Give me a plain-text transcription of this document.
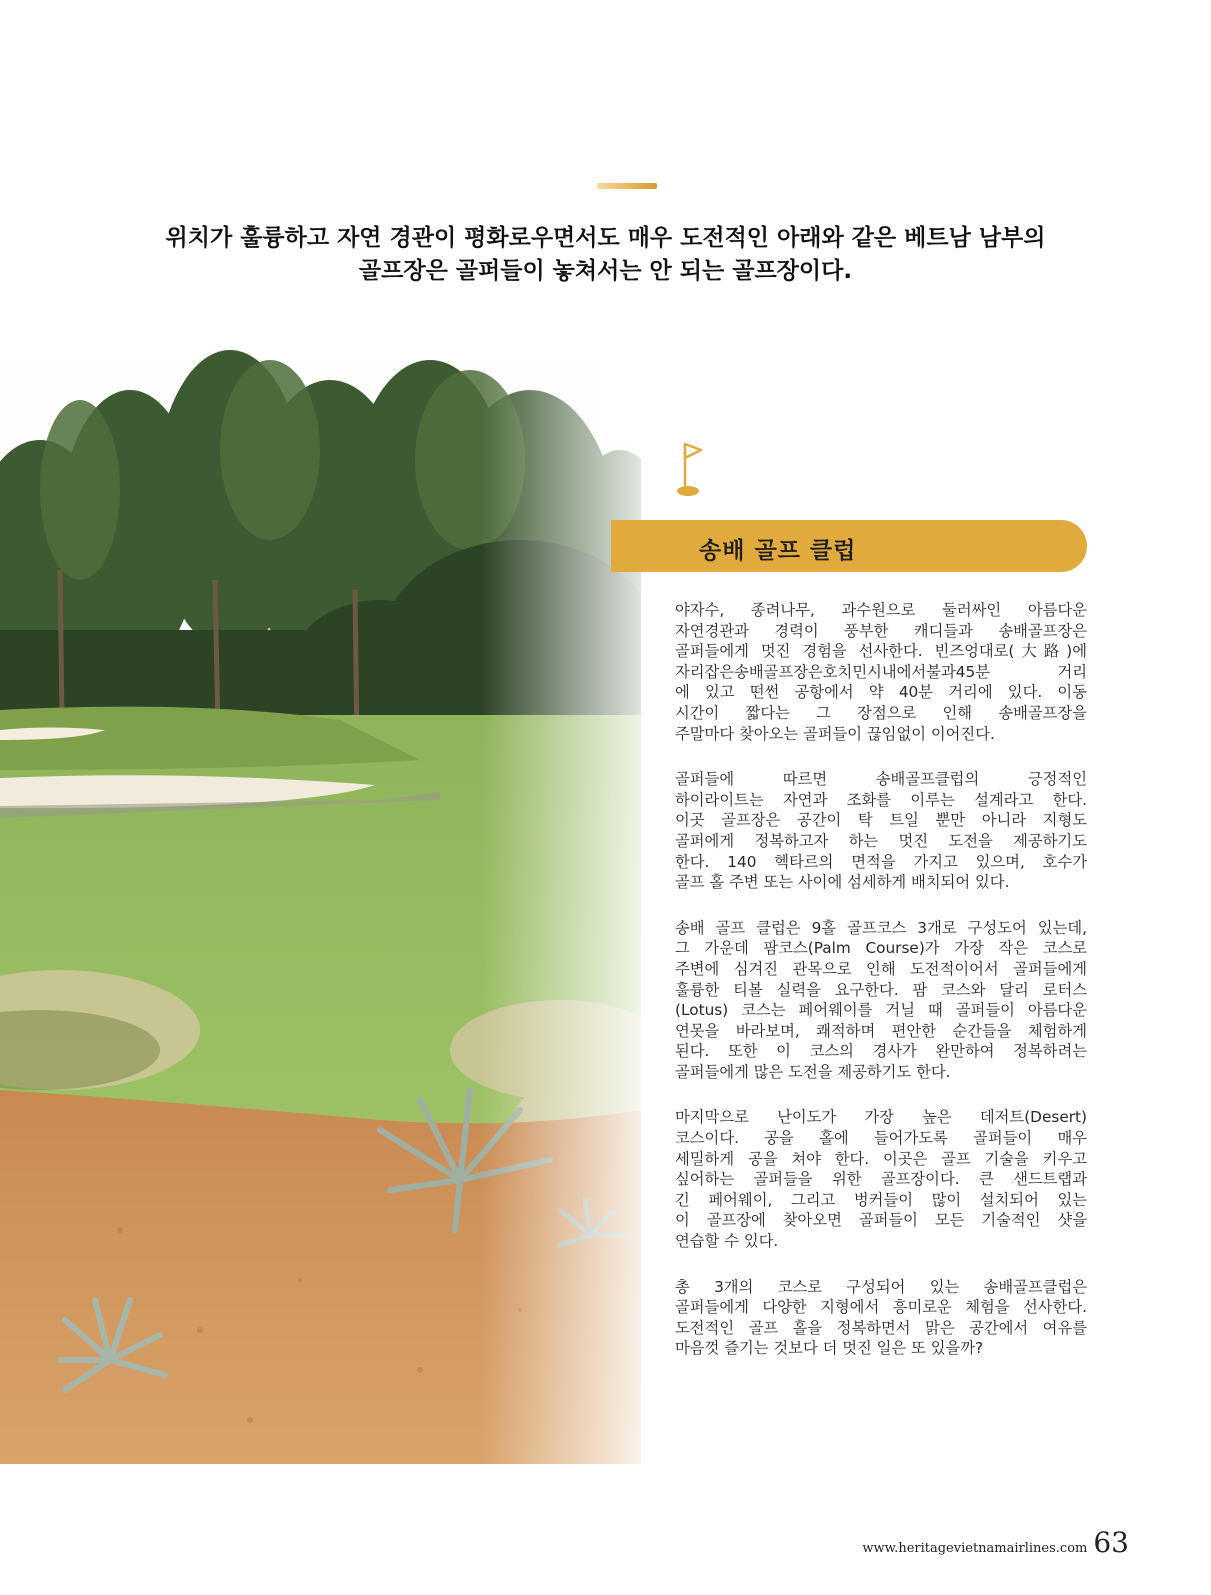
위치가 훌륭하고 자연 경관이 평화로우면서도 매우 도전적인 아래와 같은 베트남 남부의
골프장은 골퍼들이 놓쳐서는 안 되는 골프장이다.
송배 골프 클럽
야자수, 종려나무, 과수원으로 둘러싸인 아름다운
자연경관과 경력이 풍부한 캐디들과 송배골프장은
골퍼들에게 멋진 경험을 선사한다. 빈즈엉대로(大路)에
자리잡은송배골프장은호치민시내에서불과45분 거리
에 있고 떤썬 공항에서 약 40분 거리에 있다. 이동
시간이 짧다는 그 장점으로 인해 송배골프장을
주말마다 찾아오는 골퍼들이 끊임없이 이어진다.
골퍼들에 따르면 송배골프클럽의 긍정적인
하이라이트는 자연과 조화를 이루는 설계라고 한다.
이곳 골프장은 공간이 탁 트일 뿐만 아니라 지형도
골퍼에게 정복하고자 하는 멋진 도전을 제공하기도
한다. 140 헥타르의 면적을 가지고 있으며, 호수가
골프 홀 주변 또는 사이에 섬세하게 배치되어 있다.
송배 골프 클럽은 9홀 골프코스 3개로 구성도어 있는데,
그 가운데 팜코스(Palm Course)가 가장 작은 코스로
주변에 심겨진 관목으로 인해 도전적이어서 골퍼들에게
훌륭한 티볼 실력을 요구한다. 팜 코스와 달리 로터스
(Lotus) 코스는 페어웨이를 거닐 때 골퍼들이 아름다운
연못을 바라보며, 쾌적하며 편안한 순간들을 체험하게
된다. 또한 이 코스의 경사가 완만하여 정복하려는
골퍼들에게 많은 도전을 제공하기도 한다.
마지막으로 난이도가 가장 높은 데저트(Desert)
코스이다. 공을 홀에 들어가도록 골퍼들이 매우
세밀하게 공을 쳐야 한다. 이곳은 골프 기술을 키우고
싶어하는 골퍼들을 위한 골프장이다. 큰 샌드트랩과
긴 페어웨이, 그리고 벙커들이 많이 설치되어 있는
이 골프장에 찾아오면 골퍼들이 모든 기술적인 샷을
연습할 수 있다.
총 3개의 코스로 구성되어 있는 송배골프클럽은
골퍼들에게 다양한 지형에서 흥미로운 체험을 선사한다.
도전적인 골프 홀을 정복하면서 맑은 공간에서 여유를
마음껏 즐기는 것보다 더 멋진 일은 또 있을까?
www.heritagevietnamairlines.com 63
